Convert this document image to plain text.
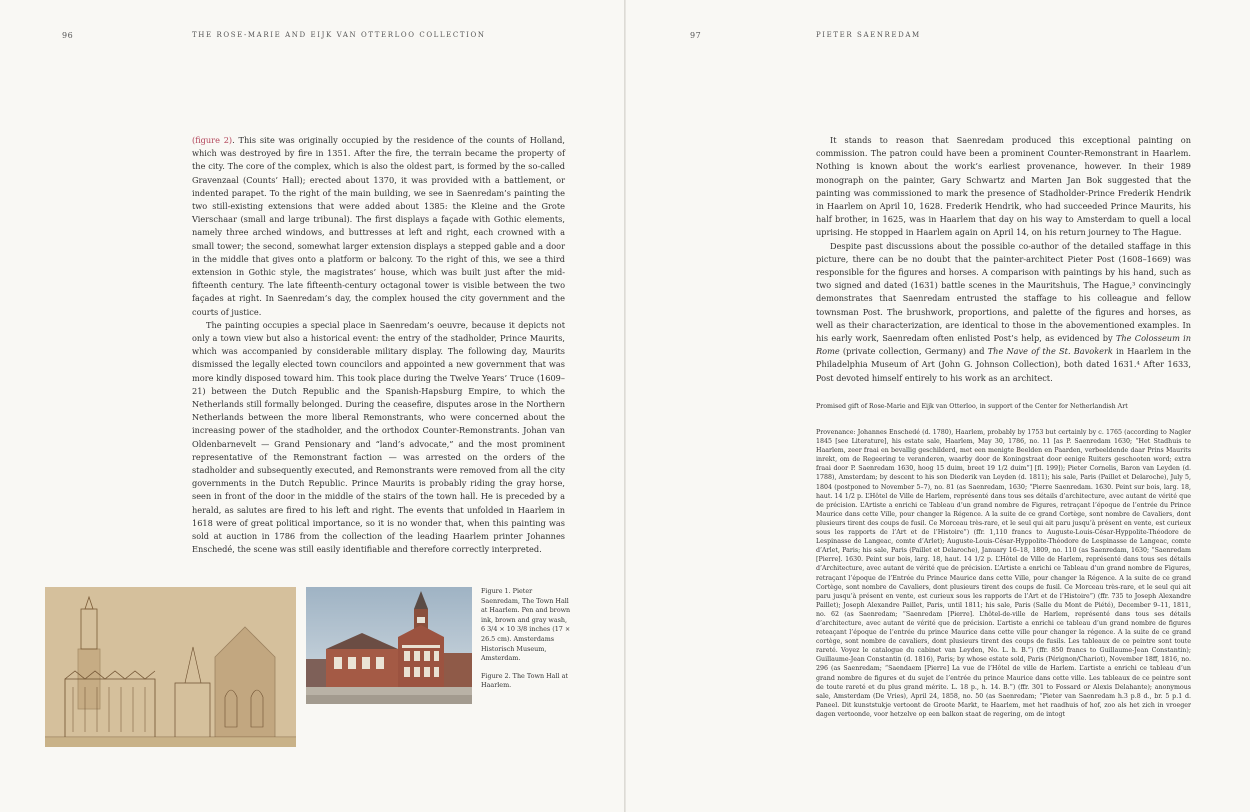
96	THE ROSE-MARIE AND EIJK VAN OTTERLOO COLLECTION

(figure 2). This site was originally occupied by the residence of the counts of Holland, which was destroyed by fire in 1351. After the fire, the terrain became the property of the city. The core of the complex, which is also the oldest part, is formed by the so-called Gravenzaal (Counts’ Hall); erected about 1370, it was provided with a battlement, or indented parapet. To the right of the main building, we see in Saenredam’s painting the two still-existing extensions that were added about 1385: the Kleine and the Grote Vierschaar (small and large tribunal). The first displays a façade with Gothic elements, namely three arched windows, and buttresses at left and right, each crowned with a small tower; the second, somewhat larger extension displays a stepped gable and a door in the middle that gives onto a platform or balcony. To the right of this, we see a third extension in Gothic style, the magistrates’ house, which was built just after the mid-fifteenth century. The late fifteenth-century octagonal tower is visible between the two façades at right. In Saenredam’s day, the complex housed the city government and the courts of justice.

The painting occupies a special place in Saenredam’s oeuvre, because it depicts not only a town view but also a historical event: the entry of the stadholder, Prince Maurits, which was accompanied by considerable military display. The following day, Maurits dismissed the legally elected town councilors and appointed a new government that was more kindly disposed toward him. This took place during the Twelve Years’ Truce (1609–21) between the Dutch Republic and the Spanish-Hapsburg Empire, to which the Netherlands still formally belonged. During the ceasefire, disputes arose in the Northern Netherlands between the more liberal Remonstrants, who were concerned about the increasing power of the stadholder, and the orthodox Counter-Remonstrants. Johan van Oldenbarnevelt — Grand Pensionary and “land’s advocate,” and the most prominent representative of the Remonstrant faction — was arrested on the orders of the stadholder and subsequently executed, and Remonstrants were removed from all the city governments in the Dutch Republic. Prince Maurits is probably riding the gray horse, seen in front of the door in the middle of the stairs of the town hall. He is preceded by a herald, as salutes are fired to his left and right. The events that unfolded in Haarlem in 1618 were of great political importance, so it is no wonder that, when this painting was sold at auction in 1786 from the collection of the leading Haarlem printer Johannes Enschedé, the scene was still easily identifiable and therefore correctly interpreted.

Figure 1. Pieter Saenredam, The Town Hall at Haarlem. Pen and brown ink, brown and gray wash, 6 3/4 × 10 3/8 inches (17 × 26.5 cm). Amsterdams Historisch Museum, Amsterdam.

Figure 2. The Town Hall at Haarlem.

97	PIETER SAENREDAM

It stands to reason that Saenredam produced this exceptional painting on commission. The patron could have been a prominent Counter-Remonstrant in Haarlem. Nothing is known about the work’s earliest provenance, however. In their 1989 monograph on the painter, Gary Schwartz and Marten Jan Bok suggested that the painting was commissioned to mark the presence of Stadholder-Prince Frederik Hendrik in Haarlem on April 10, 1628. Frederik Hendrik, who had succeeded Prince Maurits, his half brother, in 1625, was in Haarlem that day on his way to Amsterdam to quell a local uprising. He stopped in Haarlem again on April 14, on his return journey to The Hague.

Despite past discussions about the possible co-author of the detailed staffage in this picture, there can be no doubt that the painter-architect Pieter Post (1608–1669) was responsible for the figures and horses. A comparison with paintings by his hand, such as two signed and dated (1631) battle scenes in the Mauritshuis, The Hague,³ convincingly demonstrates that Saenredam entrusted the staffage to his colleague and fellow townsman Post. The brushwork, proportions, and palette of the figures and horses, as well as their characterization, are identical to those in the abovementioned examples. In his early work, Saenredam often enlisted Post’s help, as evidenced by The Colosseum in Rome (private collection, Germany) and The Nave of the St. Bavokerk in Haarlem in the Philadelphia Museum of Art (John G. Johnson Collection), both dated 1631.⁴ After 1633, Post devoted himself entirely to his work as an architect.

Promised gift of Rose-Marie and Eijk van Otterloo, in support of the Center for Netherlandish Art

Provenance: Johannes Enschedé (d. 1780), Haarlem, probably by 1753 but certainly by c. 1765 (according to Nagler 1845 [see Literature], his estate sale, Haarlem, May 30, 1786, no. 11 [as P. Saenredam 1630; “Het Stadhuis te Haarlem, zeer fraai en bevallig geschilderd, met een menigte Beelden en Paarden, verbeeldende daar Prins Maurits inrekt, om de Regeering te veranderen, waarby door de Koningstraat door eenige Ruiters geschooten word; extra fraai door P. Saenredam 1630, hoog 15 duim, breet 19 1/2 duim”] [fl. 199]); Pieter Cornelis, Baron van Leyden (d. 1788), Amsterdam; by descent to his son Diederik van Leyden (d. 1811); his sale, Paris (Paillet et Delaroche), July 5, 1804 (postponed to November 5–7), no. 81 (as Saenredam, 1630; “Pierre Saenredam. 1630. Peint sur bois, larg. 18, haut. 14 1/2 p. L’Hôtel de Ville de Harlem, représenté dans tous ses détails d’architecture, avec autant de vérité que de précision. L’Artiste a enrichi ce Tableau d’un grand nombre de Figures, retraçant l’époque de l’entrée du Prince Maurice dans cette Ville, pour changer la Régence. A la suite de ce grand Cortège, sont nombre de Cavaliers, dont plusieurs tirent des coups de fusil. Ce Morceau très-rare, et le seul qui ait paru jusqu’à présent en vente, est curieux sous les rapports de l’Art et de l’Histoire”) (ffr. 1,110 francs to Auguste-Louis-César-Hyppolite-Théodore de Lespinasse de Langeac, comte d’Arlet); Auguste-Louis-César-Hyppolite-Théodore de Lespinasse de Langeac, comte d’Arlet, Paris; his sale, Paris (Paillet et Delaroche), January 16–18, 1809, no. 110 (as Saenredam, 1630; “Saenredam [Pierre]. 1630. Peint sur bois, larg. 18, haut. 14 1/2 p. L’Hôtel de Ville de Harlem, représenté dans tous ses détails d’Architecture, avec autant de vérité que de précision. L’Artiste a enrichi ce Tableau d’un grand nombre de Figures, retraçant l’époque de l’Entrée du Prince Maurice dans cette Ville, pour changer la Régence. A la suite de ce grand Cortège, sont nombre de Cavaliers, dont plusieurs tirent des coups de fusil. Ce Morceau très-rare, et le seul qui ait paru jusqu’à présent en vente, est curieux sous les rapports de l’Art et de l’Histoire”) (ffr. 735 to Joseph Alexandre Paillet); Joseph Alexandre Paillet, Paris, until 1811; his sale, Paris (Salle du Mont de Piété), December 9–11, 1811, no. 62 (as Saenredam; “Saenredam [Pierre]. L’hôtel-de-ville de Harlem, représenté dans tous ses détails d’architecture, avec autant de vérité que de précision. L’artiste a enrichi ce tableau d’un grand nombre de figures reteaçant l’époque de l’entrée du prince Maurice dans cette ville pour changer la régence. A la suite de ce grand cortège, sont nombre de cavaliers, dont plusieurs tirent des coups de fusils. Les tableaux de ce peintre sont toute rareté. Voyez le catalogue du cabinet van Leyden, No. L. h. B.”) (ffr. 850 francs to Guillaume-Jean Constantin); Guillaume-Jean Constantin (d. 1816), Paris; by whose estate sold, Paris (Pérignon/Chariot), November 18ff, 1816, no. 296 (as Saenredam; “Saendaem [Pierre] La vue de l’Hôtel de ville de Harlem. L’artiste a enrichi ce tableau d’un grand nombre de figures et du sujet de l’entrée du prince Maurice dans cette ville. Les tableaux de ce peintre sont de toute rareté et du plus grand mérite. L. 18 p., h. 14. B.”) (ffr. 301 to Fossard or Alexis Delahante); anonymous sale, Amsterdam (De Vries), April 24, 1858, no. 50 (as Saenredam; “Pieter van Saenredam h.3 p.8 d., br. 5 p.1 d. Paneel. Dit kunststukje vertoont de Groote Markt, te Haarlem, met het raadhuis of hof, zoo als het zich in vroeger dagen vertoonde, voor hetzelve op een balkon staat de regering, om de intogt
